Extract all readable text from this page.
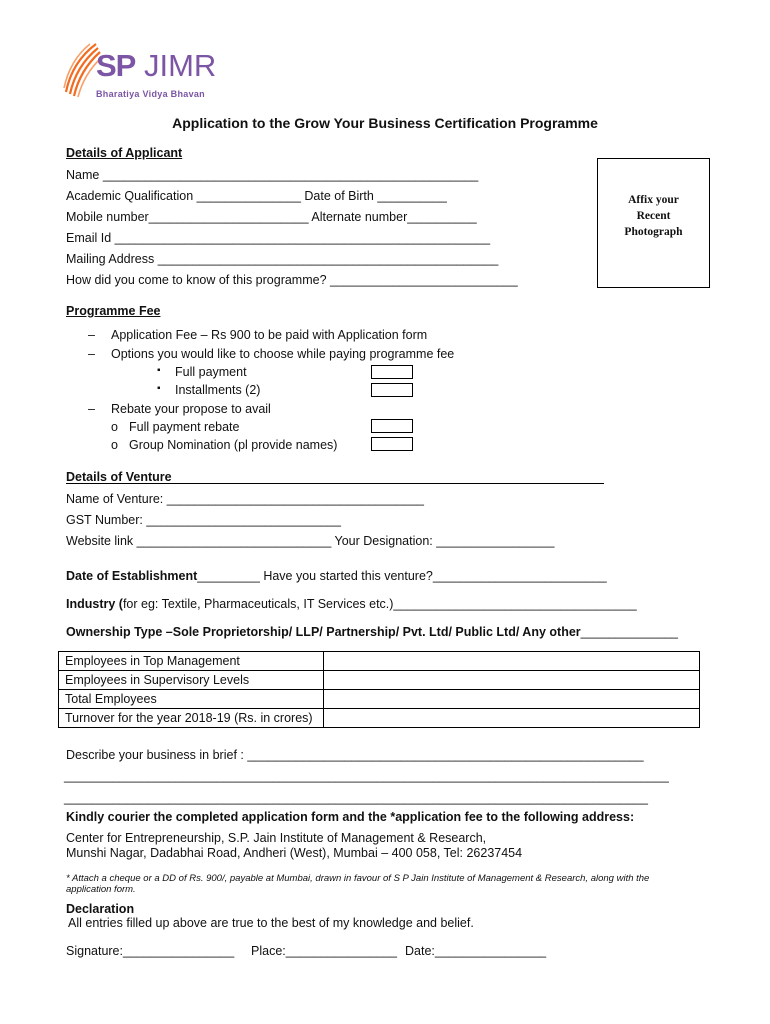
SP JIMR
Bharatiya Vidya Bhavan
Application to the Grow Your Business Certification Programme
Details of Applicant
Name ______________________________________________________
Academic Qualification _______________ Date of Birth __________
Mobile number_______________________ Alternate number__________
Email Id ______________________________________________________
Mailing Address _________________________________________________
How did you come to know of this programme? ___________________________
Affix your
Recent
Photograph
Programme Fee
– Application Fee – Rs 900 to be paid with Application form
– Options you would like to choose while paying programme fee
▪ Full payment
▪ Installments (2)
– Rebate your propose to avail
o Full payment rebate
o Group Nomination (pl provide names)
Details of Venture
Name of Venture: _____________________________________
GST Number: ____________________________
Website link ____________________________ Your Designation: _________________
Date of Establishment_________ Have you started this venture?_________________________
Industry (for eg: Textile, Pharmaceuticals, IT Services etc.)___________________________________
Ownership Type –Sole Proprietorship/ LLP/ Partnership/ Pvt. Ltd/ Public Ltd/ Any other______________
Employees in Top Management	
Employees in Supervisory Levels	
Total Employees	
Turnover for the year 2018-19 (Rs. in crores)	
Describe your business in brief : _________________________________________________________
_______________________________________________________________________________________
____________________________________________________________________________________
Kindly courier the completed application form and the *application fee to the following address:
Center for Entrepreneurship, S.P. Jain Institute of Management & Research,
Munshi Nagar, Dadabhai Road, Andheri (West), Mumbai – 400 058, Tel: 26237454
* Attach a cheque or a DD of Rs. 900/, payable at Mumbai, drawn in favour of S P Jain Institute of Management & Research, along with the
application form.
Declaration
All entries filled up above are true to the best of my knowledge and belief.
Signature:________________ Place:________________ Date:________________
